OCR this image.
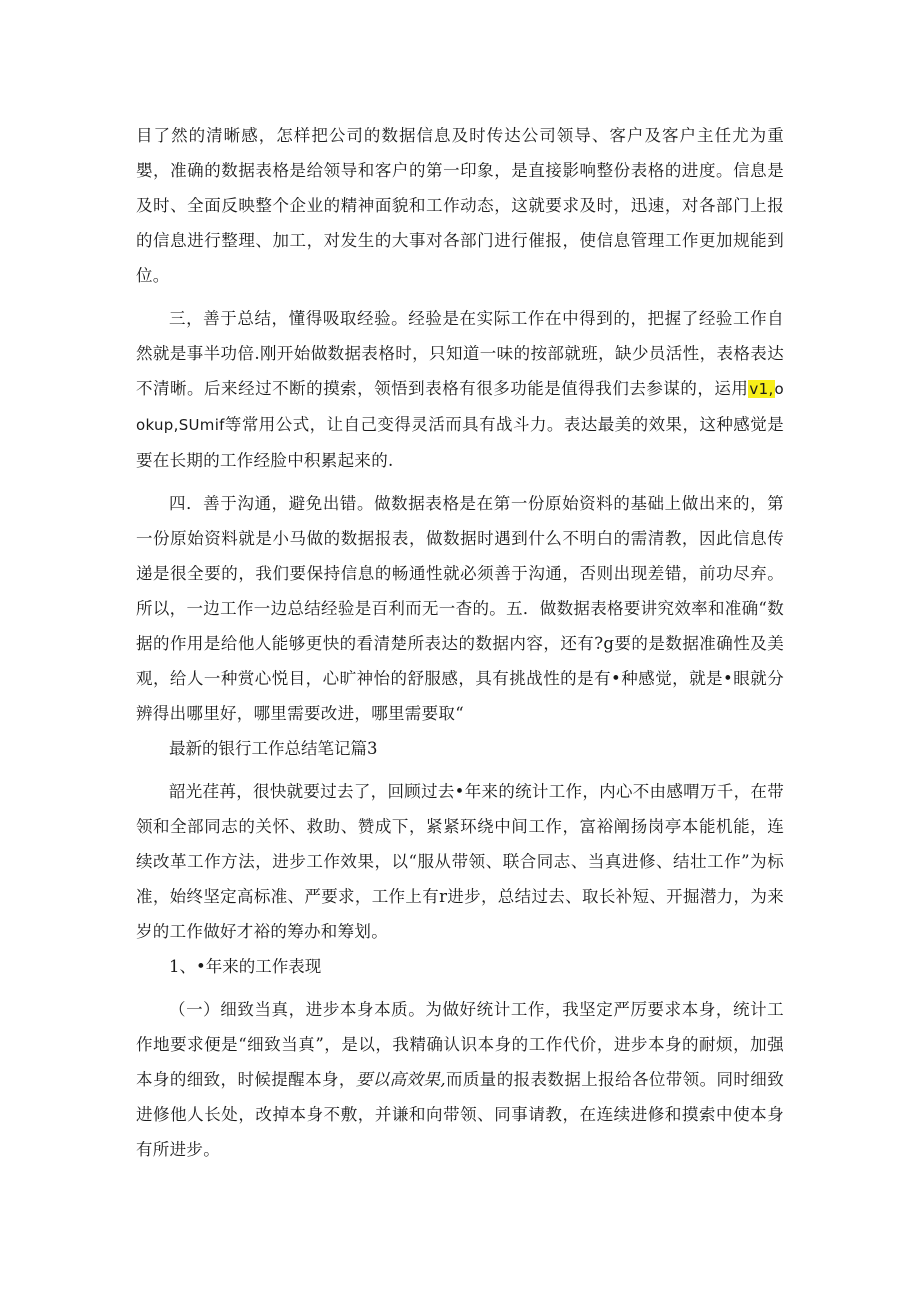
目了然的清晰感，怎样把公司的数据信息及时传达公司领导、客户及客户主任尤为重嬰，准确的数据表格是给领导和客户的第一印象，是直接影响整份表格的进度。信息是及时、全面反映整个企业的精神面貌和工作动态，这就要求及时，迅速，对各部门上报的信息进行整理、加工，对发生的大事对各部门进行催报，使信息管理工作更加规能到位。

三，善于总结，懂得吸取经验。经验是在实际工作在中得到的，把握了经验工作自然就是事半功倍.刚开始做数据表格时，只知道一味的按部就班，缺少员活性，表格表达不清晰。后来经过不断的摸索，领悟到表格有很多功能是值得我们去参谋的，运用v1,ookup,SUmif等常用公式，让自己变得灵活而具有战斗力。表达最美的效果，这种感觉是要在长期的工作经脸中积累起来的.

四．善于沟通，避免出错。做数据表格是在第一份原始资料的基础上做出来的，第一份原始资料就是小马做的数据报表，做数据时遇到什么不明白的需清教，因此信息传递是很全要的，我们要保持信息的畅通性就必须善于沟通，否则出现差错，前功尽弃。所以，一边工作一边总结经验是百利而无一杳的。五．做数据表格要讲究效率和准确“数据的作用是给他人能够更快的看清楚所表达的数据内容，还有?g要的是数据准确性及美观，给人一种赏心悦目，心旷神怡的舒服感，具有挑战性的是有•种感觉，就是•眼就分辨得出哪里好，哪里需要改进，哪里需要取“

最新的银行工作总结笔记篇3

韶光荏苒，很快就要过去了，回顾过去•年来的统计工作，内心不由感喟万千，在带领和全部同志的关怀、救助、赞成下，紧紧环绕中间工作，富裕阐扬岗亭本能机能，连续改革工作方法，进步工作效果，以“服从带领、联合同志、当真进修、结壮工作”为标准，始终坚定高标准、严要求，工作上有r进步，总结过去、取长补短、开掘潜力，为来岁的工作做好才裕的筹办和筹划。

1、•年来的工作表现

（一）细致当真，进步本身本质。为做好统计工作，我坚定严厉要求本身，统计工作地要求便是“细致当真”，是以，我精确认识本身的工作代价，进步本身的耐烦，加强本身的细致，时候提醒本身，要以高效果,而质量的报表数据上报给各位带领。同时细致进修他人长处，改掉本身不敷，并谦和向带领、同事请教，在连续进修和摸索中使本身有所进步。
